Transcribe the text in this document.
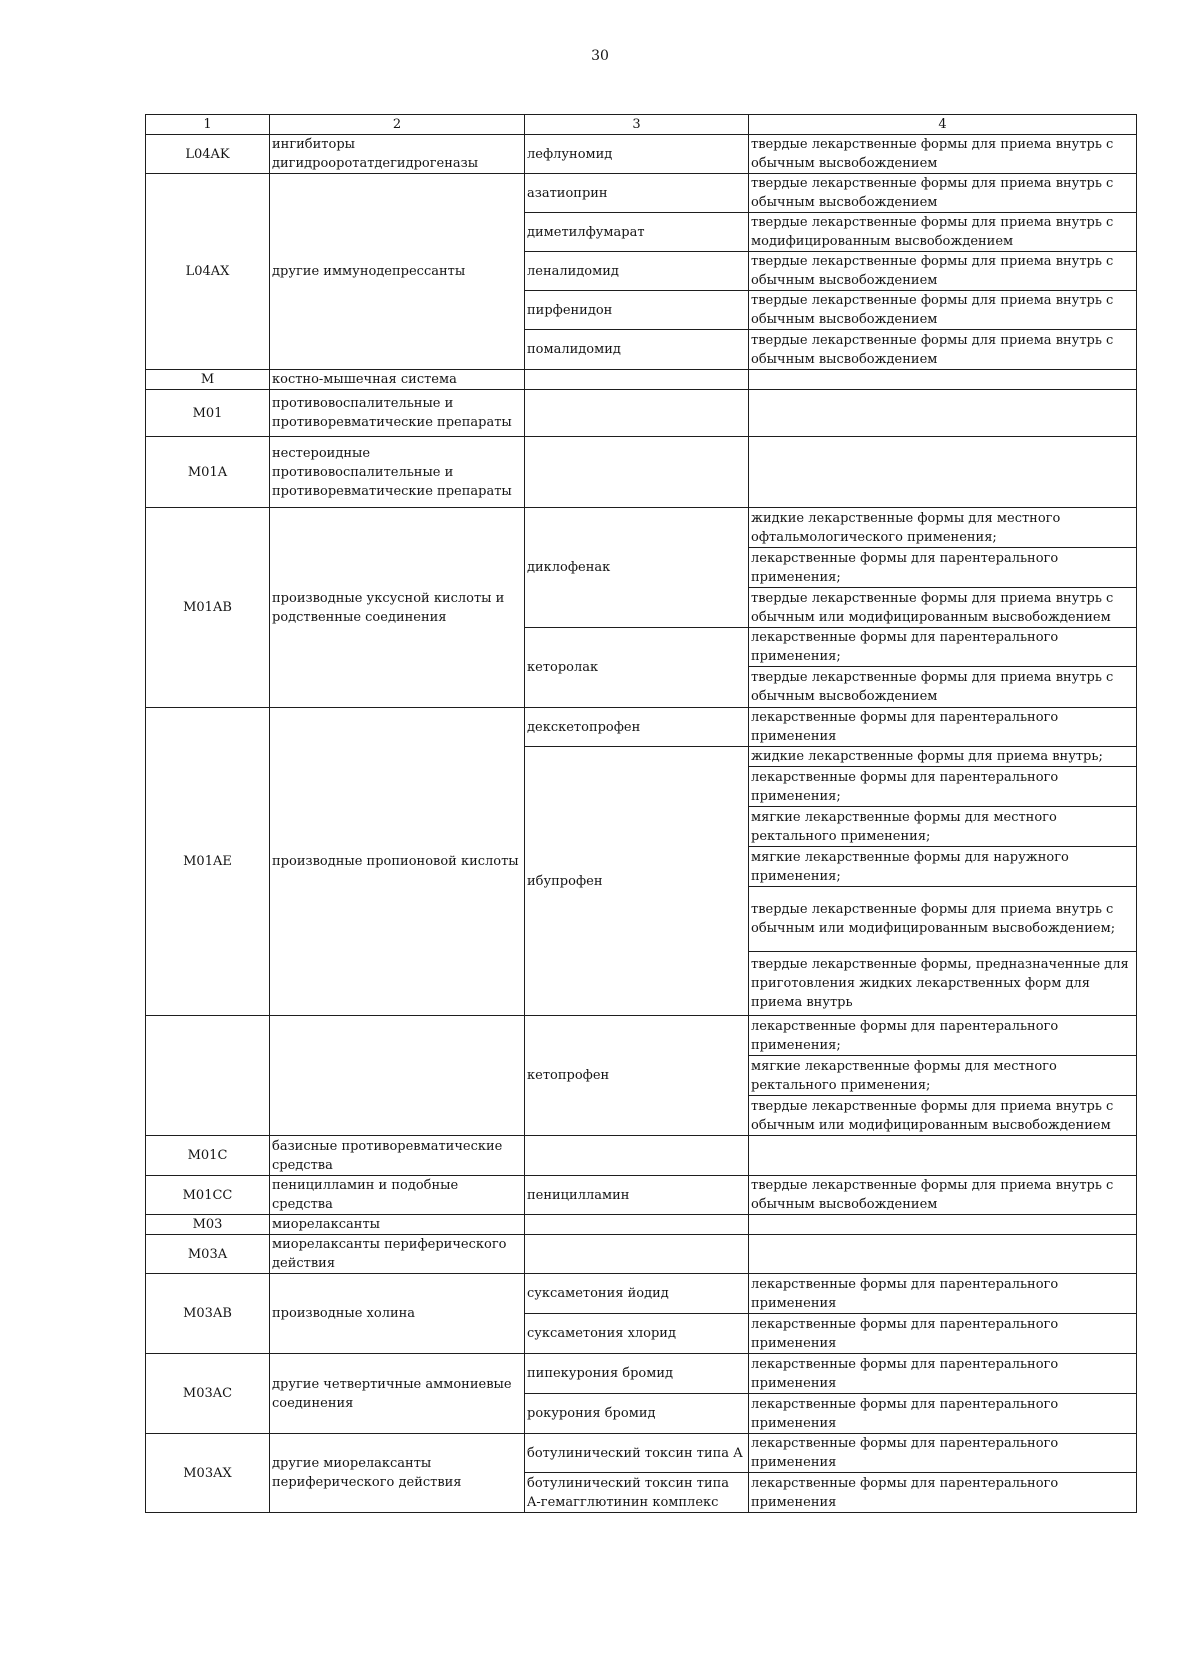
30
1	2	3	4
L04AK	ингибиторы дигидрооротатдегидрогеназы	лефлуномид	твердые лекарственные формы для приема внутрь с обычным высвобождением
L04AX	другие иммунодепрессанты	азатиоприн	твердые лекарственные формы для приема внутрь с обычным высвобождением
		диметилфумарат	твердые лекарственные формы для приема внутрь с модифицированным высвобождением
		леналидомид	твердые лекарственные формы для приема внутрь с обычным высвобождением
		пирфенидон	твердые лекарственные формы для приема внутрь с обычным высвобождением
		помалидомид	твердые лекарственные формы для приема внутрь с обычным высвобождением
M	костно-мышечная система		
M01	противовоспалительные и противоревматические препараты		
M01A	нестероидные противовоспалительные и противоревматические препараты		
M01AB	производные уксусной кислоты и родственные соединения	диклофенак	жидкие лекарственные формы для местного офтальмологического применения;
			лекарственные формы для парентерального применения;
			твердые лекарственные формы для приема внутрь с обычным или модифицированным высвобождением
		кеторолак	лекарственные формы для парентерального применения;
			твердые лекарственные формы для приема внутрь с обычным высвобождением
M01AE	производные пропионовой кислоты	декскетопрофен	лекарственные формы для парентерального применения
		ибупрофен	жидкие лекарственные формы для приема внутрь;
			лекарственные формы для парентерального применения;
			мягкие лекарственные формы для местного ректального применения;
			мягкие лекарственные формы для наружного применения;
			твердые лекарственные формы для приема внутрь с обычным или модифицированным высвобождением;
			твердые лекарственные формы, предназначенные для приготовления жидких лекарственных форм для приема внутрь
		кетопрофен	лекарственные формы для парентерального применения;
			мягкие лекарственные формы для местного ректального применения;
			твердые лекарственные формы для приема внутрь с обычным или модифицированным высвобождением
M01C	базисные противоревматические средства		
M01CC	пеницилламин и подобные средства	пеницилламин	твердые лекарственные формы для приема внутрь с обычным высвобождением
M03	миорелаксанты		
M03A	миорелаксанты периферического действия		
M03AB	производные холина	суксаметония йодид	лекарственные формы для парентерального применения
		суксаметония хлорид	лекарственные формы для парентерального применения
M03AC	другие четвертичные аммониевые соединения	пипекурония бромид	лекарственные формы для парентерального применения
		рокурония бромид	лекарственные формы для парентерального применения
M03AX	другие миорелаксанты периферического действия	ботулинический токсин типа A	лекарственные формы для парентерального применения
		ботулинический токсин типа A-гемагглютинин комплекс	лекарственные формы для парентерального применения
